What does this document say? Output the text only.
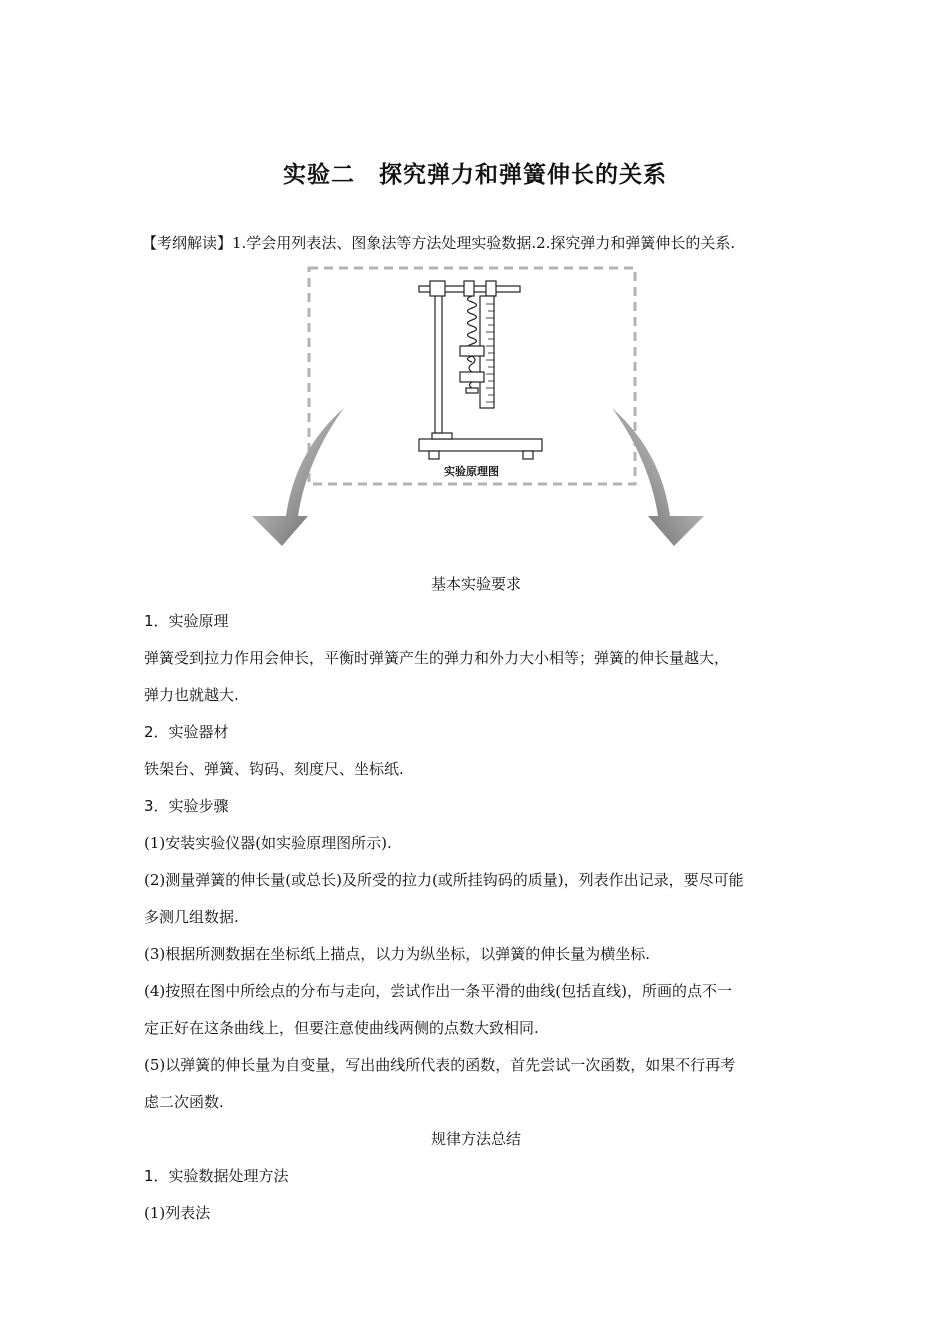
实验二　探究弹力和弹簧伸长的关系
【考纲解读】1.学会用列表法、图象法等方法处理实验数据.2.探究弹力和弹簧伸长的关系.
实验原理图
基本实验要求
1．实验原理
弹簧受到拉力作用会伸长，平衡时弹簧产生的弹力和外力大小相等；弹簧的伸长量越大，
弹力也就越大.
2．实验器材
铁架台、弹簧、钩码、刻度尺、坐标纸.
3．实验步骤
(1)安装实验仪器(如实验原理图所示).
(2)测量弹簧的伸长量(或总长)及所受的拉力(或所挂钩码的质量)，列表作出记录，要尽可能
多测几组数据.
(3)根据所测数据在坐标纸上描点，以力为纵坐标，以弹簧的伸长量为横坐标.
(4)按照在图中所绘点的分布与走向，尝试作出一条平滑的曲线(包括直线)，所画的点不一
定正好在这条曲线上，但要注意使曲线两侧的点数大致相同.
(5)以弹簧的伸长量为自变量，写出曲线所代表的函数，首先尝试一次函数，如果不行再考
虑二次函数.
规律方法总结
1．实验数据处理方法
(1)列表法
